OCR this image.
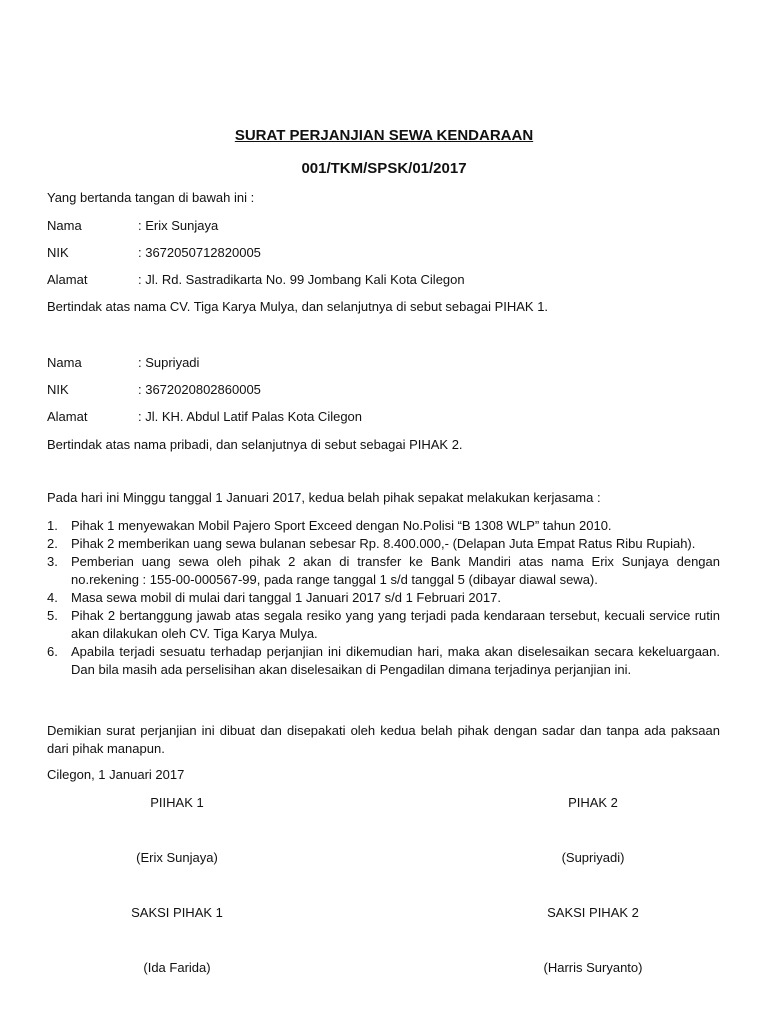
SURAT PERJANJIAN SEWA KENDARAAN
001/TKM/SPSK/01/2017
Yang bertanda tangan di bawah ini :
Nama	: Erix Sunjaya
NIK	: 3672050712820005
Alamat	: Jl. Rd. Sastradikarta No. 99 Jombang Kali Kota Cilegon
Bertindak atas nama CV. Tiga Karya Mulya, dan selanjutnya di sebut sebagai PIHAK 1.
Nama	: Supriyadi
NIK	: 3672020802860005
Alamat	: Jl. KH. Abdul Latif Palas Kota Cilegon
Bertindak atas nama pribadi, dan selanjutnya di sebut sebagai PIHAK 2.
Pada hari ini Minggu tanggal 1 Januari 2017, kedua belah pihak sepakat melakukan kerjasama :
1.	Pihak 1 menyewakan Mobil Pajero Sport Exceed dengan No.Polisi “B 1308 WLP” tahun 2010.
2.	Pihak 2 memberikan uang sewa bulanan sebesar Rp. 8.400.000,- (Delapan Juta Empat Ratus Ribu Rupiah).
3.	Pemberian uang sewa oleh pihak 2 akan di transfer ke Bank Mandiri atas nama Erix Sunjaya dengan no.rekening : 155-00-000567-99, pada range tanggal 1 s/d tanggal 5 (dibayar diawal sewa).
4.	Masa sewa mobil di mulai dari tanggal 1 Januari 2017 s/d 1 Februari 2017.
5.	Pihak 2 bertanggung jawab atas segala resiko yang yang terjadi pada kendaraan tersebut, kecuali service rutin akan dilakukan oleh CV. Tiga Karya Mulya.
6.	Apabila terjadi sesuatu terhadap perjanjian ini dikemudian hari, maka akan diselesaikan secara kekeluargaan. Dan bila masih ada perselisihan akan diselesaikan di Pengadilan dimana terjadinya perjanjian ini.
Demikian surat perjanjian ini dibuat dan disepakati oleh kedua belah pihak dengan sadar dan tanpa ada paksaan dari pihak manapun.
Cilegon, 1 Januari 2017
PIIHAK 1	PIHAK 2
(Erix Sunjaya)	(Supriyadi)
SAKSI PIHAK 1	SAKSI PIHAK 2
(Ida Farida)	(Harris Suryanto)
